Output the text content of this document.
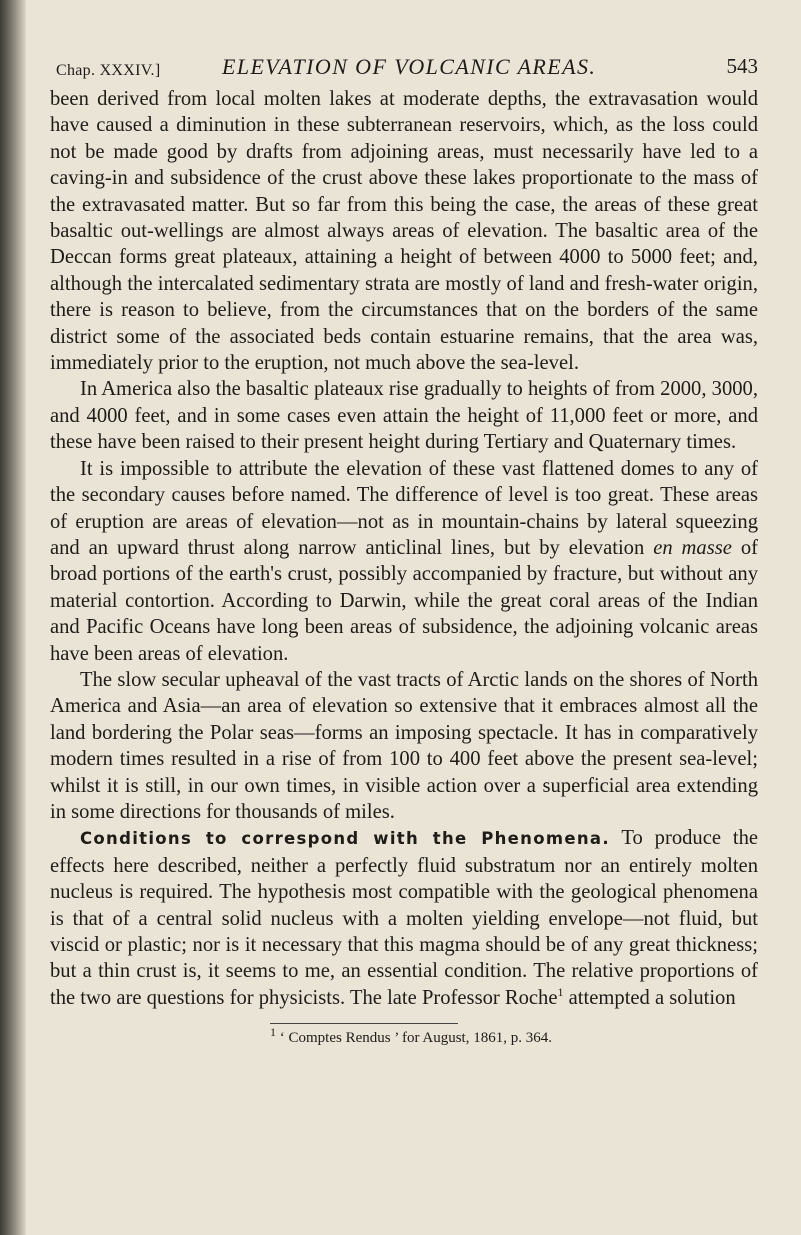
Chap. XXXIV.]	ELEVATION OF VOLCANIC AREAS.	543

been derived from local molten lakes at moderate depths, the extravasation would have caused a diminution in these subterranean reservoirs, which, as the loss could not be made good by drafts from adjoining areas, must necessarily have led to a caving-in and subsidence of the crust above these lakes proportionate to the mass of the extravasated matter. But so far from this being the case, the areas of these great basaltic out-wellings are almost always areas of elevation. The basaltic area of the Deccan forms great plateaux, attaining a height of between 4000 to 5000 feet; and, although the intercalated sedimentary strata are mostly of land and fresh-water origin, there is reason to believe, from the circumstances that on the borders of the same district some of the associated beds contain estuarine remains, that the area was, immediately prior to the eruption, not much above the sea-level.

In America also the basaltic plateaux rise gradually to heights of from 2000, 3000, and 4000 feet, and in some cases even attain the height of 11,000 feet or more, and these have been raised to their present height during Tertiary and Quaternary times.

It is impossible to attribute the elevation of these vast flattened domes to any of the secondary causes before named. The difference of level is too great. These areas of eruption are areas of elevation—not as in mountain-chains by lateral squeezing and an upward thrust along narrow anticlinal lines, but by elevation en masse of broad portions of the earth's crust, possibly accompanied by fracture, but without any material contortion. According to Darwin, while the great coral areas of the Indian and Pacific Oceans have long been areas of subsidence, the adjoining volcanic areas have been areas of elevation.

The slow secular upheaval of the vast tracts of Arctic lands on the shores of North America and Asia—an area of elevation so extensive that it embraces almost all the land bordering the Polar seas—forms an imposing spectacle. It has in comparatively modern times resulted in a rise of from 100 to 400 feet above the present sea-level; whilst it is still, in our own times, in visible action over a superficial area extending in some directions for thousands of miles.

Conditions to correspond with the Phenomena. To produce the effects here described, neither a perfectly fluid substratum nor an entirely molten nucleus is required. The hypothesis most compatible with the geological phenomena is that of a central solid nucleus with a molten yielding envelope—not fluid, but viscid or plastic; nor is it necessary that this magma should be of any great thickness; but a thin crust is, it seems to me, an essential condition. The relative proportions of the two are questions for physicists. The late Professor Roche$^1$ attempted a solution

$^1$ ‘ Comptes Rendus ’ for August, 1861, p. 364.
